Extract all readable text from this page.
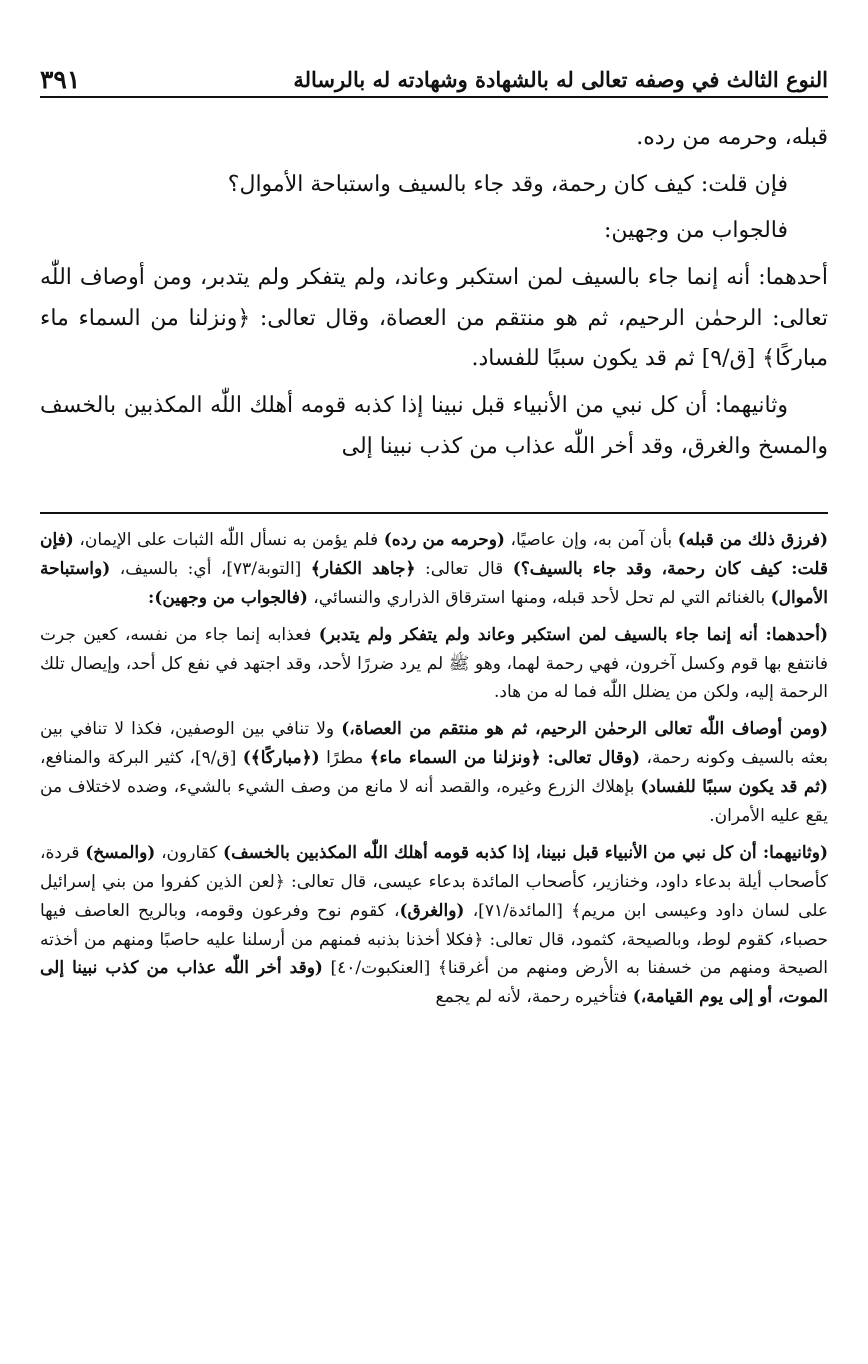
النوع الثالث في وصفه تعالى له بالشهادة وشهادته له بالرسالة
٣٩١

قبله، وحرمه من رده.

فإن قلت: كيف كان رحمة، وقد جاء بالسيف واستباحة الأموال؟

فالجواب من وجهين:

أحدهما: أنه إنما جاء بالسيف لمن استكبر وعاند، ولم يتفكر ولم يتدبر، ومن أوصاف اللّٰه تعالى: الرحمٰن الرحيم، ثم هو منتقم من العصاة، وقال تعالى: ﴿ونزلنا من السماء ماء مباركًا﴾ [ق/٩] ثم قد يكون سببًا للفساد.

وثانيهما: أن كل نبي من الأنبياء قبل نبينا إذا كذبه قومه أهلك اللّٰه المكذبين بالخسف والمسخ والغرق، وقد أخر اللّٰه عذاب من كذب نبينا إلى

(فرزق ذلك من قبله) بأن آمن به، وإن عاصيًا، (وحرمه من رده) فلم يؤمن به نسأل اللّٰه الثبات على الإيمان، (فإن قلت: كيف كان رحمة، وقد جاء بالسيف؟) قال تعالى: ﴿جاهد الكفار﴾ [التوبة/٧٣]، أي: بالسيف، (واستباحة الأموال) بالغنائم التي لم تحل لأحد قبله، ومنها استرقاق الذراري والنسائي، (فالجواب من وجهين):

(أحدهما: أنه إنما جاء بالسيف لمن استكبر وعاند ولم يتفكر ولم يتدبر) فعذابه إنما جاء من نفسه، كعين جرت فانتفع بها قوم وكسل آخرون، فهي رحمة لهما، وهو ﷺ لم يرد ضررًا لأحد، وقد اجتهد في نفع كل أحد، وإيصال تلك الرحمة إليه، ولكن من يضلل اللّٰه فما له من هاد.

(ومن أوصاف اللّٰه تعالى الرحمٰن الرحيم، ثم هو منتقم من العصاة،) ولا تنافي بين الوصفين، فكذا لا تنافي بين بعثه بالسيف وكونه رحمة، (وقال تعالى: ﴿ونزلنا من السماء ماء﴾ مطرًا (﴿مباركًا﴾) [ق/٩]، كثير البركة والمنافع، (ثم قد يكون سببًا للفساد) بإهلاك الزرع وغيره، والقصد أنه لا مانع من وصف الشيء بالشيء، وضده لاختلاف من يقع عليه الأمران.

(وثانيهما: أن كل نبي من الأنبياء قبل نبينا، إذا كذبه قومه أهلك اللّٰه المكذبين بالخسف) كقارون، (والمسخ) قردة، كأصحاب أيلة بدعاء داود، وخنازير، كأصحاب المائدة بدعاء عيسى، قال تعالى: ﴿لعن الذين كفروا من بني إسرائيل على لسان داود وعيسى ابن مريم﴾ [المائدة/٧١]، (والغرق)، كقوم نوح وفرعون وقومه، وبالريح العاصف فيها حصباء، كقوم لوط، وبالصيحة، كثمود، قال تعالى: ﴿فكلا أخذنا بذنبه فمنهم من أرسلنا عليه حاصبًا ومنهم من أخذته الصيحة ومنهم من خسفنا به الأرض ومنهم من أغرقنا﴾ [العنكبوت/٤٠] (وقد أخر اللّٰه عذاب من كذب نبينا إلى الموت، أو إلى يوم القيامة،) فتأخيره رحمة، لأنه لم يجمع
